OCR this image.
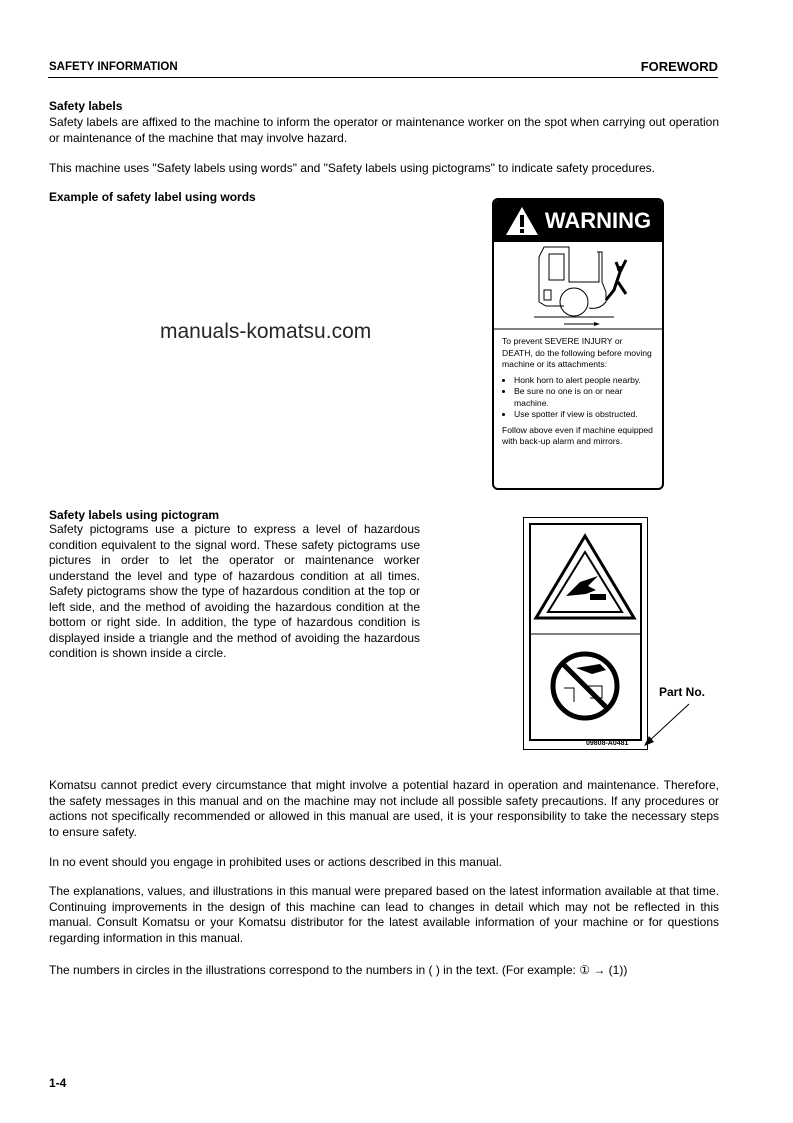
SAFETY INFORMATION	FOREWORD
Safety labels

Safety labels are affixed to the machine to inform the operator or maintenance worker on the spot when carrying out operation or maintenance of the machine that may involve hazard.

This machine uses "Safety labels using words" and "Safety labels using pictograms" to indicate safety procedures.

Example of safety label using words
manuals-komatsu.com
WARNING
To prevent SEVERE INJURY or DEATH, do the following before moving machine or its attachments:
• Honk horn to alert people nearby.
• Be sure no one is on or near machine.
• Use spotter if view is obstructed.
Follow above even if machine equipped with back-up alarm and mirrors.
Safety labels using pictogram

Safety pictograms use a picture to express a level of hazardous condition equivalent to the signal word. These safety pictograms use pictures in order to let the operator or maintenance worker understand the level and type of hazardous condition at all times. Safety pictograms show the type of hazardous condition at the top or left side, and the method of avoiding the hazardous condition at the bottom or right side. In addition, the type of hazardous condition is displayed inside a triangle and the method of avoiding the hazardous condition is shown inside a circle.

09808-A0481
Part No.

Komatsu cannot predict every circumstance that might involve a potential hazard in operation and maintenance. Therefore, the safety messages in this manual and on the machine may not include all possible safety precautions. If any procedures or actions not specifically recommended or allowed in this manual are used, it is your responsibility to take the necessary steps to ensure safety.

In no event should you engage in prohibited uses or actions described in this manual.

The explanations, values, and illustrations in this manual were prepared based on the latest information available at that time. Continuing improvements in the design of this machine can lead to changes in detail which may not be reflected in this manual. Consult Komatsu or your Komatsu distributor for the latest available information of your machine or for questions regarding information in this manual.

The numbers in circles in the illustrations correspond to the numbers in ( ) in the text. (For example: ① → (1))

1-4
